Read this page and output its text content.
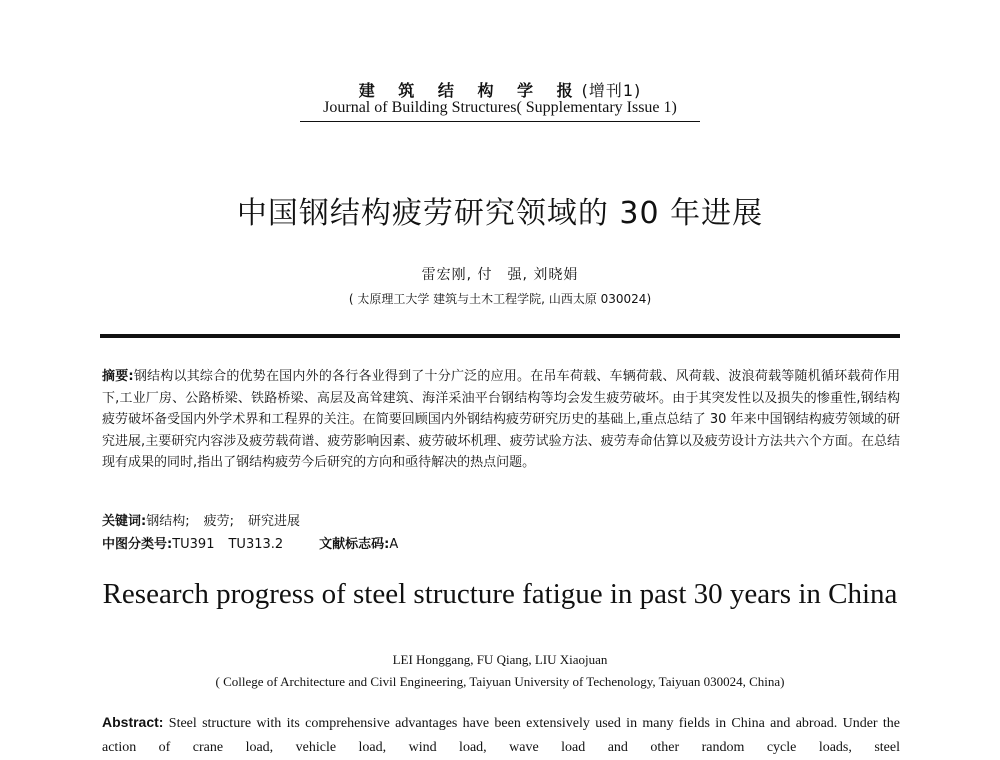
建 筑 结 构 学 报(增刊1)
Journal of Building Structures( Supplementary Issue 1)
中国钢结构疲劳研究领域的 30 年进展
雷宏刚, 付　强, 刘晓娟
( 太原理工大学 建筑与土木工程学院, 山西太原 030024)
摘要:钢结构以其综合的优势在国内外的各行各业得到了十分广泛的应用。在吊车荷载、车辆荷载、风荷载、波浪荷载等随机循环载荷作用下,工业厂房、公路桥梁、铁路桥梁、高层及高耸建筑、海洋采油平台钢结构等均会发生疲劳破坏。由于其突发性以及损失的惨重性,钢结构疲劳破坏备受国内外学术界和工程界的关注。在简要回顾国内外钢结构疲劳研究历史的基础上,重点总结了 30 年来中国钢结构疲劳领域的研究进展,主要研究内容涉及疲劳载荷谱、疲劳影响因素、疲劳破坏机理、疲劳试验方法、疲劳寿命估算以及疲劳设计方法共六个方面。在总结现有成果的同时,指出了钢结构疲劳今后研究的方向和亟待解决的热点问题。
关键词:钢结构; 疲劳; 研究进展
中图分类号:TU391 TU313.2	文献标志码:A
Research progress of steel structure fatigue in past 30 years in China
LEI Honggang, FU Qiang, LIU Xiaojuan
( College of Architecture and Civil Engineering, Taiyuan University of Techenology, Taiyuan 030024, China)
Abstract: Steel structure with its comprehensive advantages have been extensively used in many fields in China and abroad. Under the action of crane load, vehicle load, wind load, wave load and other random cycle loads, steel
